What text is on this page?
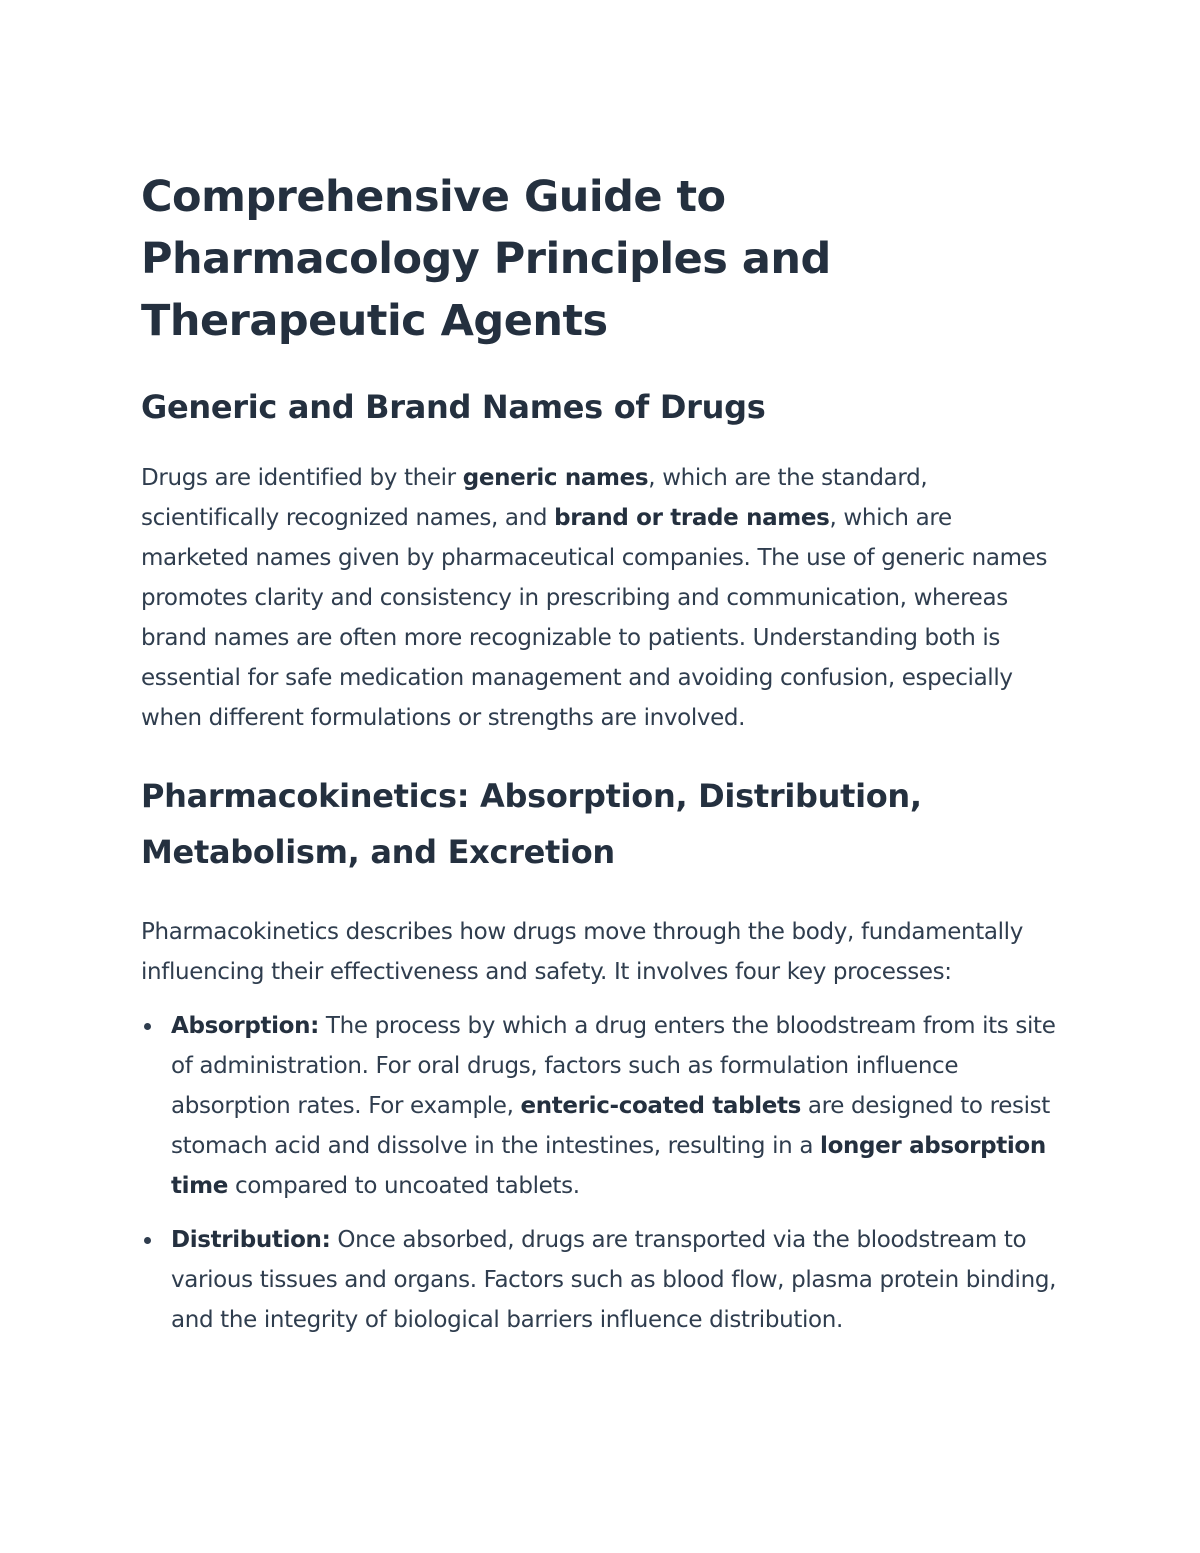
Comprehensive Guide to Pharmacology Principles and Therapeutic Agents
Generic and Brand Names of Drugs

Drugs are identified by their generic names, which are the standard, scientifically recognized names, and brand or trade names, which are marketed names given by pharmaceutical companies. The use of generic names promotes clarity and consistency in prescribing and communication, whereas brand names are often more recognizable to patients. Understanding both is essential for safe medication management and avoiding confusion, especially when different formulations or strengths are involved.

Pharmacokinetics: Absorption, Distribution, Metabolism, and Excretion

Pharmacokinetics describes how drugs move through the body, fundamentally influencing their effectiveness and safety. It involves four key processes:

Absorption: The process by which a drug enters the bloodstream from its site of administration. For oral drugs, factors such as formulation influence absorption rates. For example, enteric-coated tablets are designed to resist stomach acid and dissolve in the intestines, resulting in a longer absorption time compared to uncoated tablets.
Distribution: Once absorbed, drugs are transported via the bloodstream to various tissues and organs. Factors such as blood flow, plasma protein binding, and the integrity of biological barriers influence distribution.
